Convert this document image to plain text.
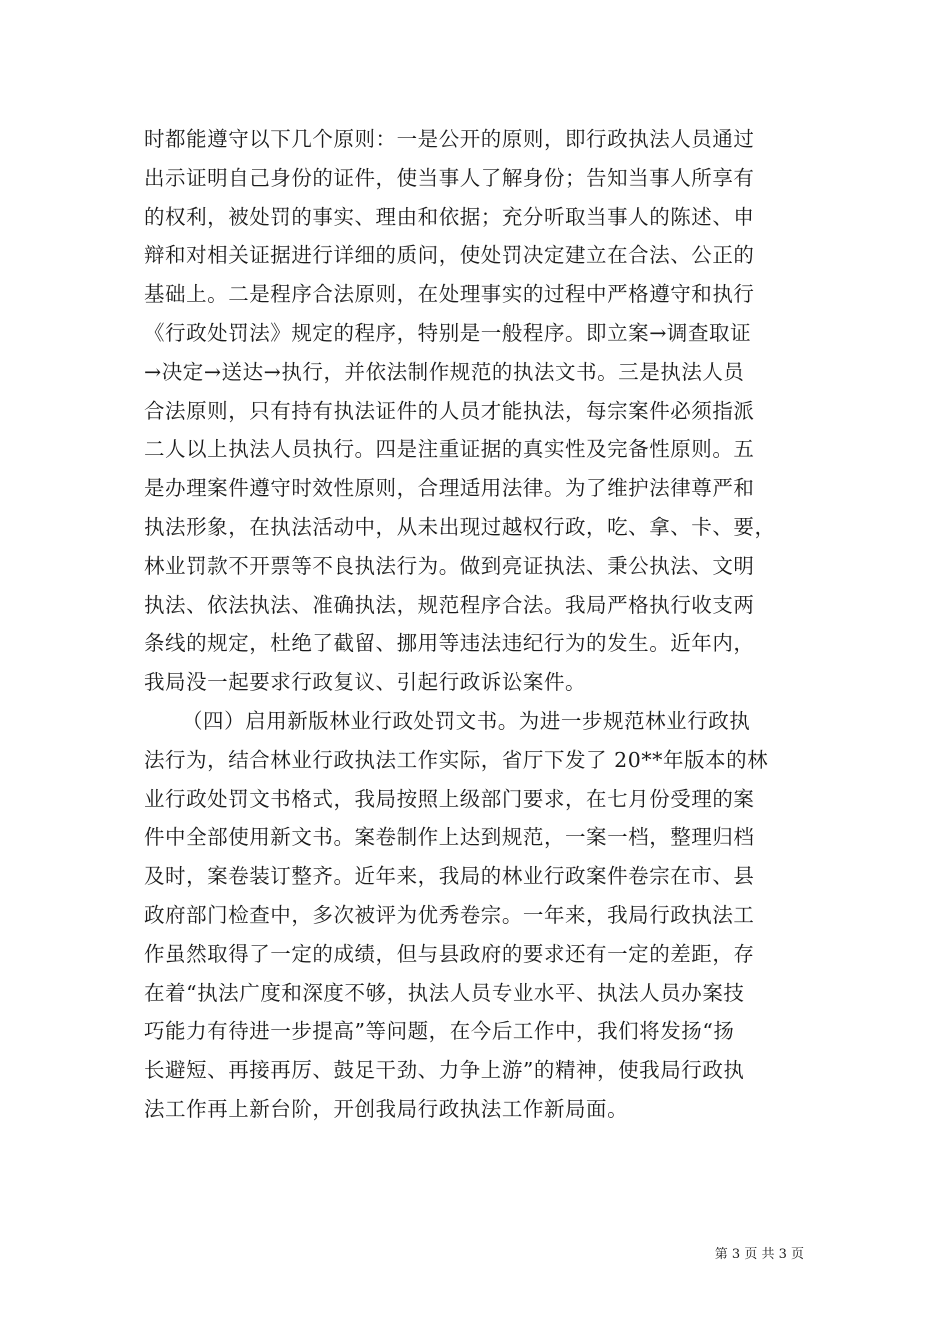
时都能遵守以下几个原则：一是公开的原则，即行政执法人员通过
出示证明自己身份的证件，使当事人了解身份；告知当事人所享有
的权利，被处罚的事实、理由和依据；充分听取当事人的陈述、申
辩和对相关证据进行详细的质问，使处罚决定建立在合法、公正的
基础上。二是程序合法原则，在处理事实的过程中严格遵守和执行
《行政处罚法》规定的程序，特别是一般程序。即立案→调查取证
→决定→送达→执行，并依法制作规范的执法文书。三是执法人员
合法原则，只有持有执法证件的人员才能执法，每宗案件必须指派
二人以上执法人员执行。四是注重证据的真实性及完备性原则。五
是办理案件遵守时效性原则，合理适用法律。为了维护法律尊严和
执法形象，在执法活动中，从未出现过越权行政，吃、拿、卡、要，
林业罚款不开票等不良执法行为。做到亮证执法、秉公执法、文明
执法、依法执法、准确执法，规范程序合法。我局严格执行收支两
条线的规定，杜绝了截留、挪用等违法违纪行为的发生。近年内，
我局没一起要求行政复议、引起行政诉讼案件。
（四）启用新版林业行政处罚文书。为进一步规范林业行政执
法行为，结合林业行政执法工作实际，省厅下发了 20**年版本的林
业行政处罚文书格式，我局按照上级部门要求，在七月份受理的案
件中全部使用新文书。案卷制作上达到规范，一案一档，整理归档
及时，案卷装订整齐。近年来，我局的林业行政案件卷宗在市、县
政府部门检查中，多次被评为优秀卷宗。一年来，我局行政执法工
作虽然取得了一定的成绩，但与县政府的要求还有一定的差距，存
在着“执法广度和深度不够，执法人员专业水平、执法人员办案技
巧能力有待进一步提高”等问题，在今后工作中，我们将发扬“扬
长避短、再接再厉、鼓足干劲、力争上游”的精神，使我局行政执
法工作再上新台阶，开创我局行政执法工作新局面。
第 3 页 共 3 页
